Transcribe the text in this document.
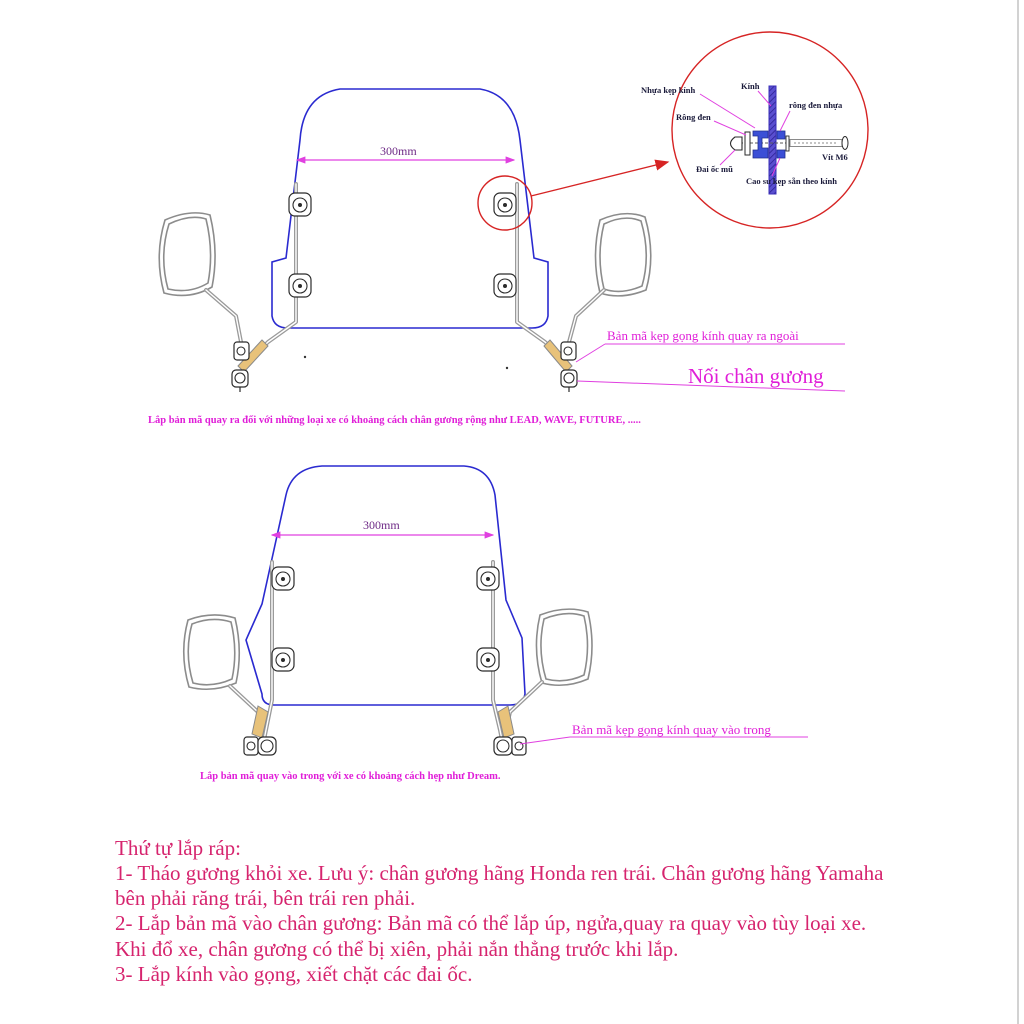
300mm
Nhựa kẹp kính	Kính
rông đen nhựa
Rông đen
Đai ốc mũ
Vít M6
Cao su kẹp sẵn theo kính
Bản mã kẹp gọng kính quay ra ngoài
Nối chân gương
Lắp bản mã quay ra đối với những loại xe có khoảng cách chân gương rộng như LEAD, WAVE, FUTURE, .....
300mm
Bản mã kẹp gọng kính quay vào trong
Lắp bản mã quay vào trong với xe có khoảng cách hẹp như Dream.
Thứ tự lắp ráp:
1- Tháo gương khỏi xe. Lưu ý: chân gương hãng Honda ren trái. Chân gương hãng Yamaha
bên phải răng trái, bên trái ren phải.
2- Lắp bản mã vào chân gương: Bản mã có thể lắp úp, ngửa,quay ra quay vào tùy loại xe.
Khi đổ xe, chân gương có thể bị xiên, phải nắn thẳng trước khi lắp.
3- Lắp kính vào gọng, xiết chặt các đai ốc.
